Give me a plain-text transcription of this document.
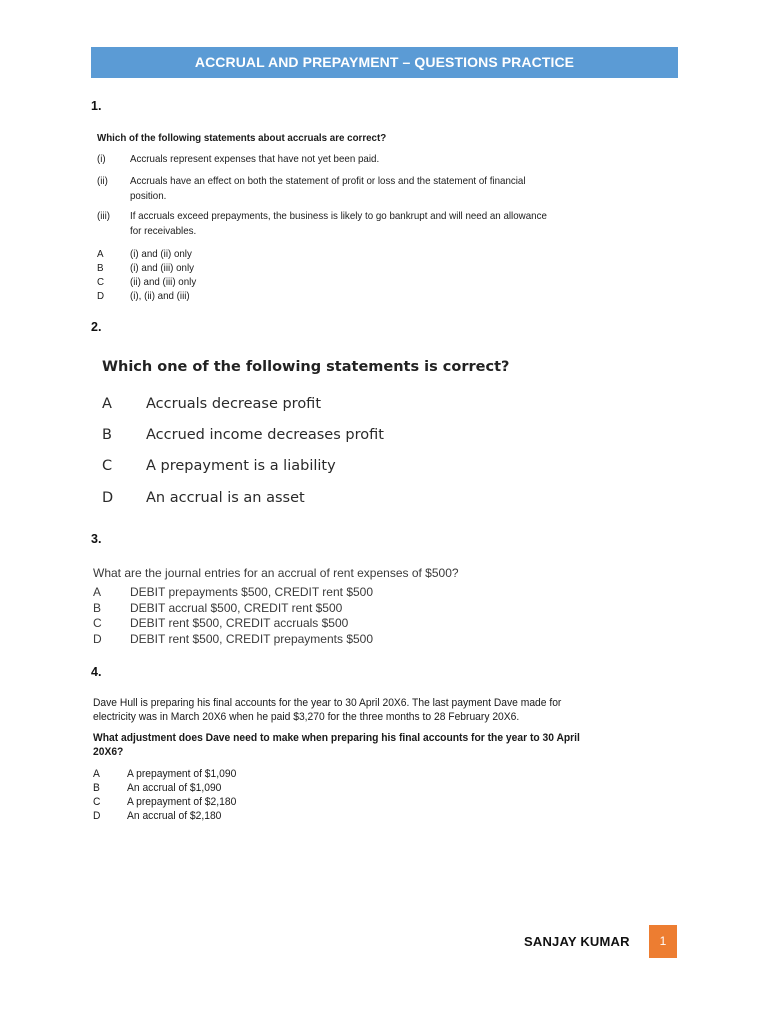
ACCRUAL AND PREPAYMENT – QUESTIONS PRACTICE
1.
Which of the following statements about accruals are correct?
(i) Accruals represent expenses that have not yet been paid.
(ii) Accruals have an effect on both the statement of profit or loss and the statement of financial
position.
(iii) If accruals exceed prepayments, the business is likely to go bankrupt and will need an allowance
for receivables.
A	(i) and (ii) only
B	(i) and (iii) only
C (ii) and (iii) only
D (i), (ii) and (iii)
2.
Which one of the following statements is correct?
A Accruals decrease profit
B Accrued income decreases profit
C A prepayment is a liability
D An accrual is an asset
3.
What are the journal entries for an accrual of rent expenses of $500?
A DEBIT prepayments $500, CREDIT rent $500
B DEBIT accrual $500, CREDIT rent $500
C DEBIT rent $500, CREDIT accruals $500
D DEBIT rent $500, CREDIT prepayments $500
4.
Dave Hull is preparing his final accounts for the year to 30 April 20X6. The last payment Dave made for
electricity was in March 20X6 when he paid $3,270 for the three months to 28 February 20X6.
What adjustment does Dave need to make when preparing his final accounts for the year to 30 April
20X6?
A A prepayment of $1,090
B An accrual of $1,090
C A prepayment of $2,180
D An accrual of $2,180
SANJAY KUMAR	1
